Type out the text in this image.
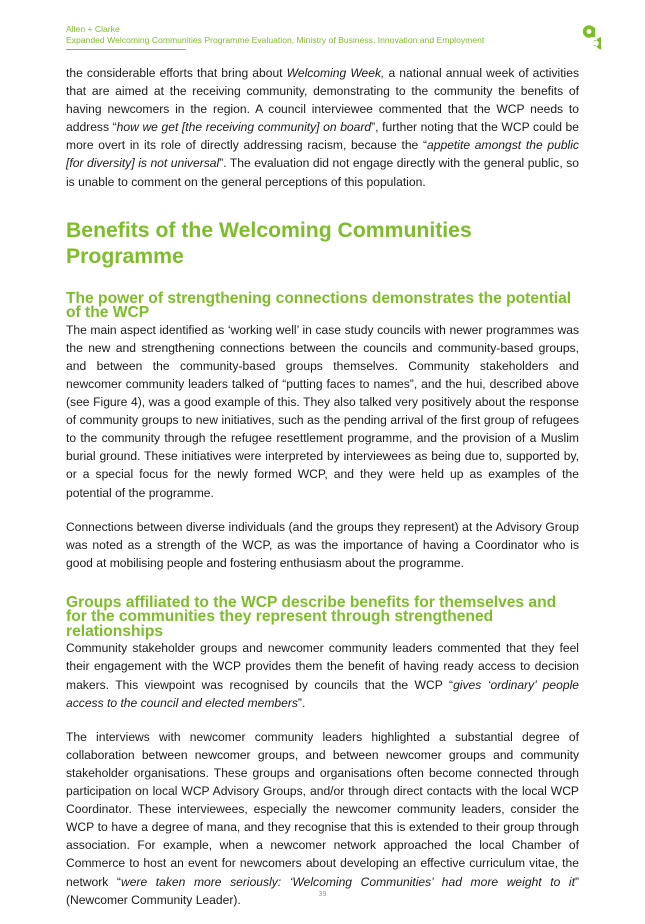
Allen + Clarke
Expanded Welcoming Communities Programme Evaluation, Ministry of Business, Innovation and Employment

the considerable efforts that bring about Welcoming Week, a national annual week of activities that are aimed at the receiving community, demonstrating to the community the benefits of having newcomers in the region. A council interviewee commented that the WCP needs to address “how we get [the receiving community] on board”, further noting that the WCP could be more overt in its role of directly addressing racism, because the “appetite amongst the public [for diversity] is not universal”. The evaluation did not engage directly with the general public, so is unable to comment on the general perceptions of this population.

Benefits of the Welcoming Communities Programme
The power of strengthening connections demonstrates the potential of the WCP

The main aspect identified as ‘working well’ in case study councils with newer programmes was the new and strengthening connections between the councils and community-based groups, and between the community-based groups themselves. Community stakeholders and newcomer community leaders talked of “putting faces to names”, and the hui, described above (see Figure 4), was a good example of this. They also talked very positively about the response of community groups to new initiatives, such as the pending arrival of the first group of refugees to the community through the refugee resettlement programme, and the provision of a Muslim burial ground. These initiatives were interpreted by interviewees as being due to, supported by, or a special focus for the newly formed WCP, and they were held up as examples of the potential of the programme.

Connections between diverse individuals (and the groups they represent) at the Advisory Group was noted as a strength of the WCP, as was the importance of having a Coordinator who is good at mobilising people and fostering enthusiasm about the programme.

Groups affiliated to the WCP describe benefits for themselves and for the communities they represent through strengthened relationships

Community stakeholder groups and newcomer community leaders commented that they feel their engagement with the WCP provides them the benefit of having ready access to decision makers. This viewpoint was recognised by councils that the WCP “gives ‘ordinary’ people access to the council and elected members”.

The interviews with newcomer community leaders highlighted a substantial degree of collaboration between newcomer groups, and between newcomer groups and community stakeholder organisations. These groups and organisations often become connected through participation on local WCP Advisory Groups, and/or through direct contacts with the local WCP Coordinator. These interviewees, especially the newcomer community leaders, consider the WCP to have a degree of mana, and they recognise that this is extended to their group through association. For example, when a newcomer network approached the local Chamber of Commerce to host an event for newcomers about developing an effective curriculum vitae, the network “were taken more seriously: ‘Welcoming Communities’ had more weight to it” (Newcomer Community Leader).	39
